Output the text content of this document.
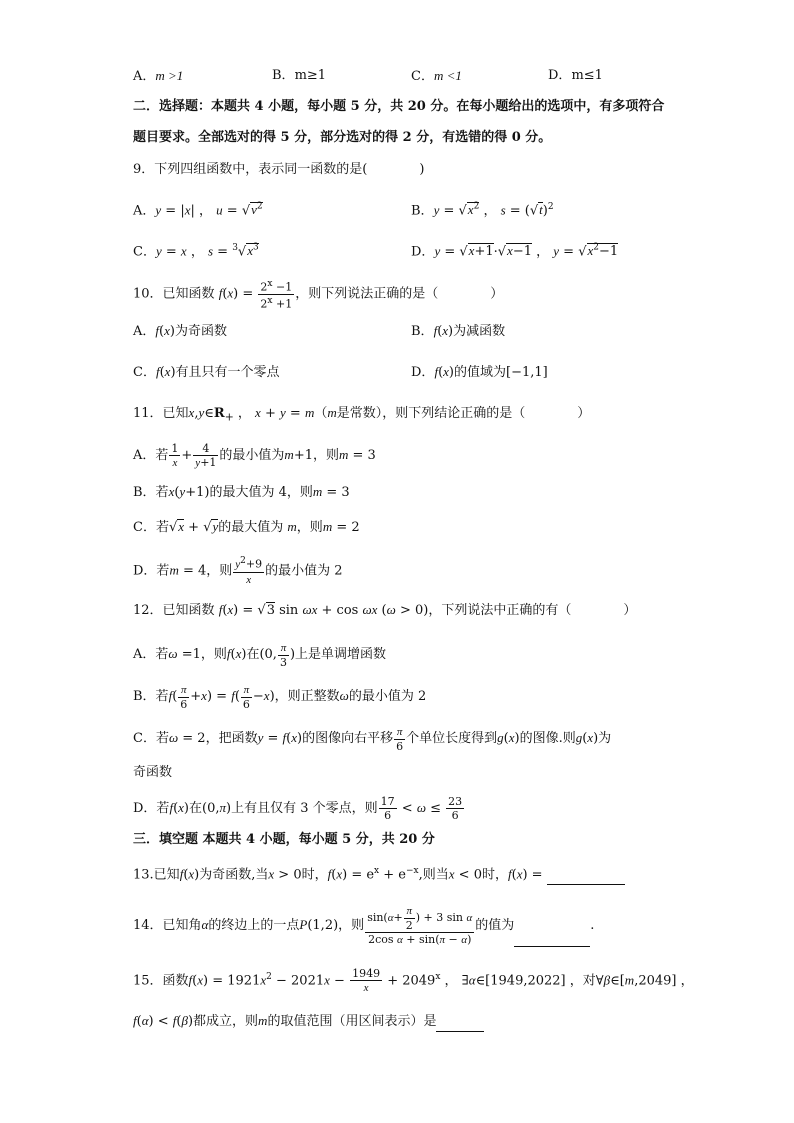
A．m >1	B．m≥1	C．m <1	D．m≤1
二．选择题：本题共 4 小题，每小题 5 分，共 20 分。在每小题给出的选项中，有多项符合
题目要求。全部选对的得 5 分，部分选对的得 2 分，有选错的得 0 分。
9．下列四组函数中，表示同一函数的是(　　　　)
A．y = |x| ， $u = √v^2$	B．$y = √x^2$ ， $s = (√t)^2$
C．y = x ， $s = ^3√x^3$	D．y = √x+1·√x−1 ， $y = √x^2-1$
10．已知函数 $f(x) = \frac{2^x -1}{2^x +1}$ ，则下列说法正确的是（　　　　）
A．f(x)为奇函数	B．f(x)为减函数
C．f(x)有且只有一个零点	D．f(x)的值域为[−1,1]
11．已知$x,y\in R_+$ ， x + y = m（m是常数），则下列结论正确的是（　　　　）
A．若 $\frac{1}{x} + \frac{4}{y+1}$ 的最小值为m+1，则m = 3
B．若x(y+1)的最大值为 4，则m = 3
C．若√x + √y的最大值为 m，则m = 2
D．若m = 4，则 $\frac{y^2+9}{x}$ 的最小值为 2
12．已知函数 f(x) = √3 sin ωx + cos ωx (ω > 0)，下列说法中正确的有（　　　　）
A．若ω =1，则f(x)在(0, $\frac{\pi}{3}$ )上是单调增函数
B．若$f( \frac{\pi}{6} +x) = f( \frac{\pi}{6} -x)$，则正整数ω的最小值为 2
C．若ω = 2，把函数y = f(x)的图像向右平移 $\frac{\pi}{6}$ 个单位长度得到g(x)的图像.则g(x)为
奇函数
D．若f(x)在(0,π)上有且仅有 3 个零点，则 $\frac{17}{6} < \omega \le \frac{23}{6}$
三．填空题 本题共 4 小题，每小题 5 分，共 20 分
13.已知f(x)为奇函数,当x > 0时，$f(x) = e^x + e^{-x}$,则当x < 0时，f(x) =
14．已知角α的终边上的一点P(1,2)，则 $\frac{\sin(\alpha+ \frac{\pi}{2} ) + 3 \sin \alpha}{\text{2cos α + sin(π − α)}}$ 的值为	.
15．函数$f(x) = 1921x^2 - 2021x - \frac{1949}{x} + 2049^x$ ， ∃α∈[1949,2022] ，对∀β∈[m,2049] ，
f(α) < f(β)都成立，则m的取值范围（用区间表示）是
